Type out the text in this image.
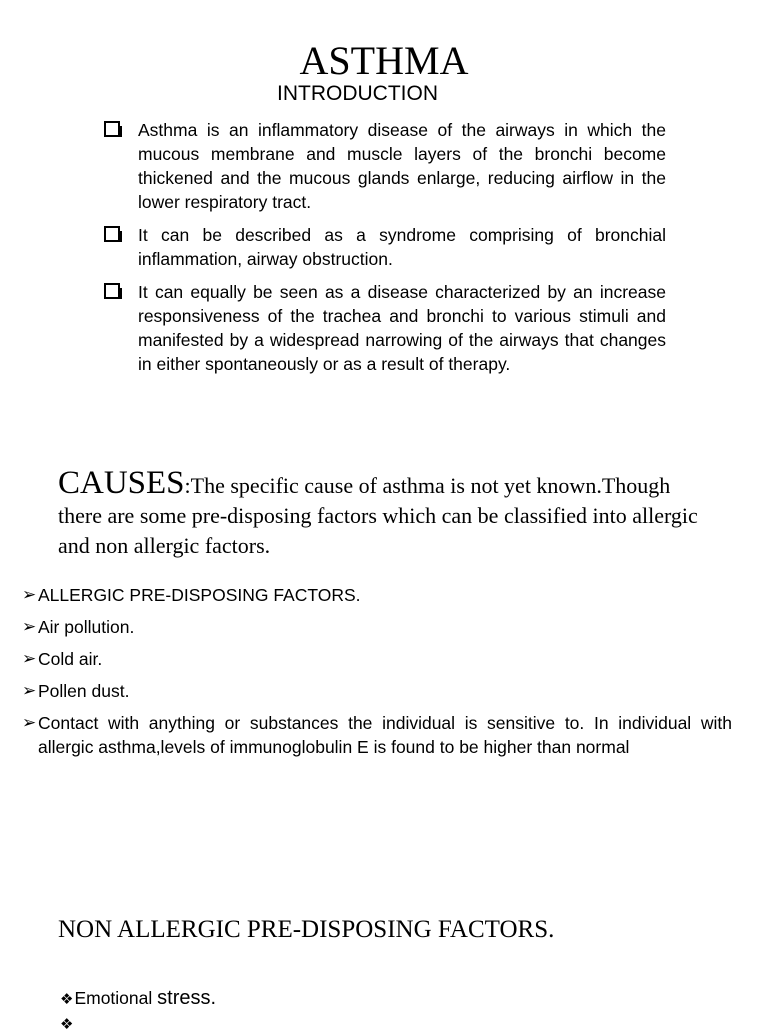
ASTHMA
INTRODUCTION
Asthma is an inflammatory disease of the airways in which the mucous membrane and muscle layers of the bronchi become thickened and the mucous glands enlarge, reducing airflow in the lower respiratory tract.
It can be described as a syndrome comprising of bronchial inflammation, airway obstruction.
It can equally be seen as a disease characterized by an increase responsiveness of the trachea and bronchi to various stimuli and manifested by a widespread narrowing of the airways that changes in either spontaneously or as a result of therapy.
CAUSES:The specific cause of asthma is not yet known.Though there are some pre-disposing factors which can be classified into allergic and non allergic factors.
➢ ALLERGIC PRE-DISPOSING FACTORS.
➢ Air pollution.
➢ Cold air.
➢ Pollen dust.
➢ Contact with anything or substances the individual is sensitive to. In individual with allergic asthma,levels of immunoglobulin E is found to be higher than normal
NON ALLERGIC PRE-DISPOSING FACTORS.
❖Emotional stress.
❖
